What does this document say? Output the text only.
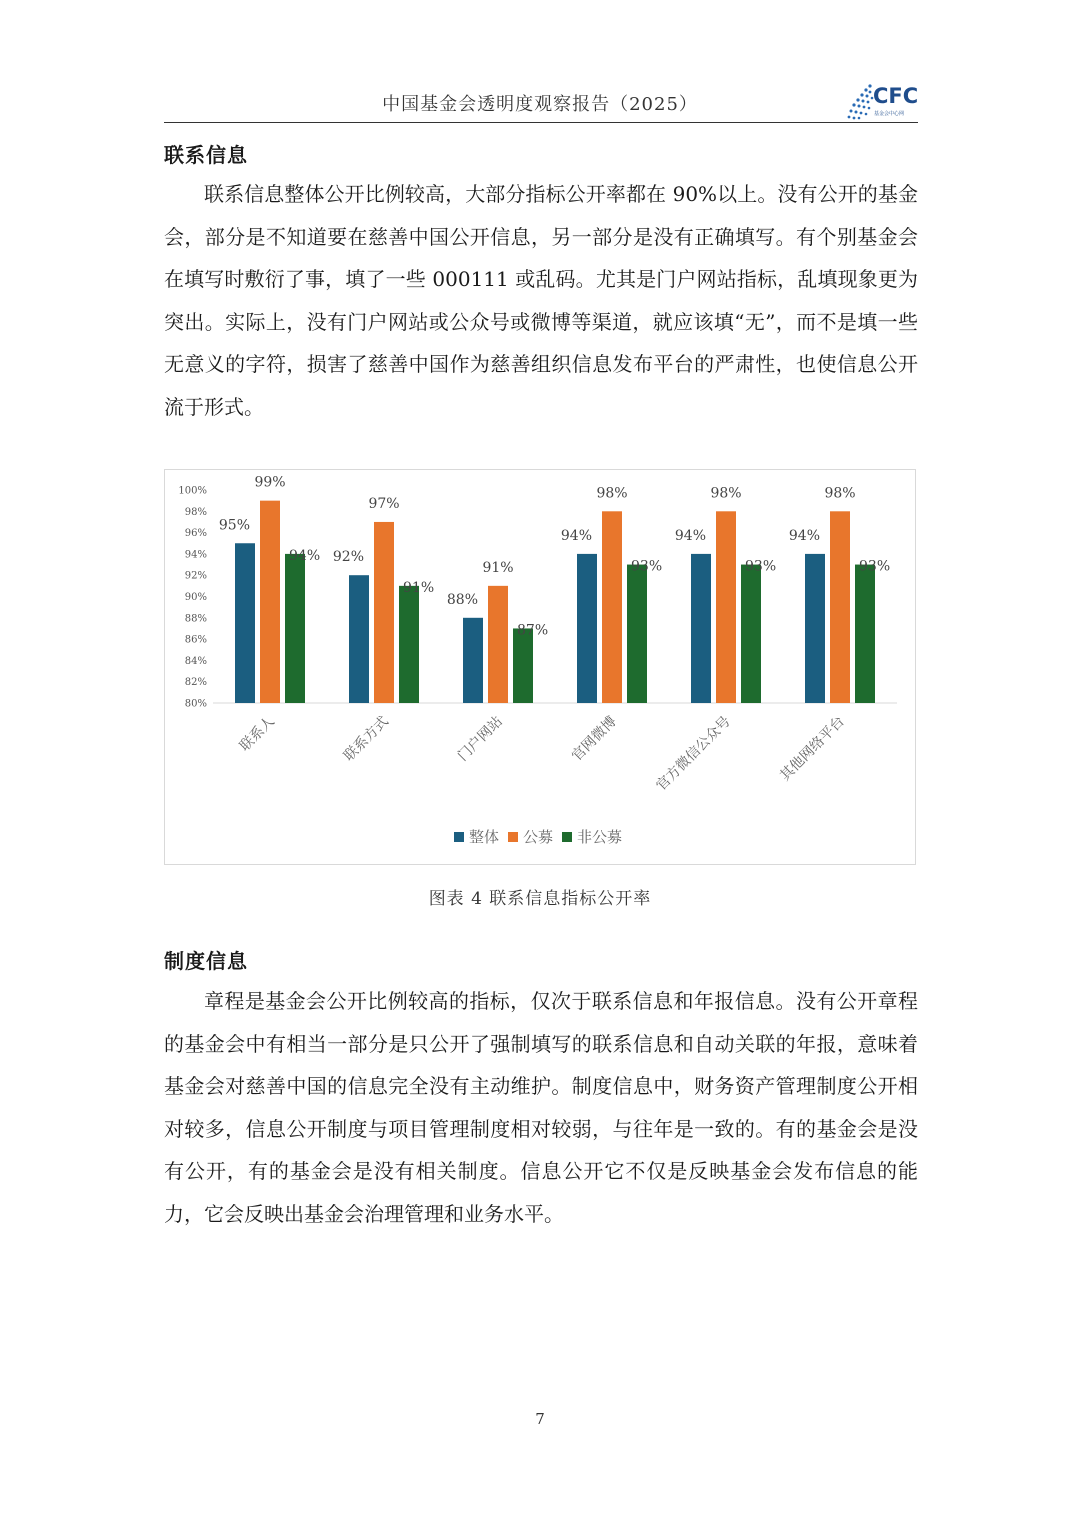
中国基金会透明度观察报告（2025）	CFC
基金会中心网
联系信息

联系信息整体公开比例较高，大部分指标公开率都在 90%以上。没有公开的基金会，部分是不知道要在慈善中国公开信息，另一部分是没有正确填写。有个别基金会在填写时敷衍了事，填了一些 000111 或乱码。尤其是门户网站指标，乱填现象更为突出。实际上，没有门户网站或公众号或微博等渠道，就应该填“无”，而不是填一些无意义的字符，损害了慈善中国作为慈善组织信息发布平台的严肃性，也使信息公开流于形式。

80%
82%
84%
86%
88%
90%
92%
94%
96%
98%
100%
95%
99%
94%
联系人
92%
97%
91%
联系方式
88%
91%
87%
门户网站
94%
98%
93%
官网微博
94%
98%
93%
官方微信公众号
94%
98%
93%
其他网络平台
整体 公募 非公募
图表 4 联系信息指标公开率
制度信息

章程是基金会公开比例较高的指标，仅次于联系信息和年报信息。没有公开章程的基金会中有相当一部分是只公开了强制填写的联系信息和自动关联的年报，意味着基金会对慈善中国的信息完全没有主动维护。制度信息中，财务资产管理制度公开相对较多，信息公开制度与项目管理制度相对较弱，与往年是一致的。有的基金会是没有公开，有的基金会是没有相关制度。信息公开它不仅是反映基金会发布信息的能力，它会反映出基金会治理管理和业务水平。

7
